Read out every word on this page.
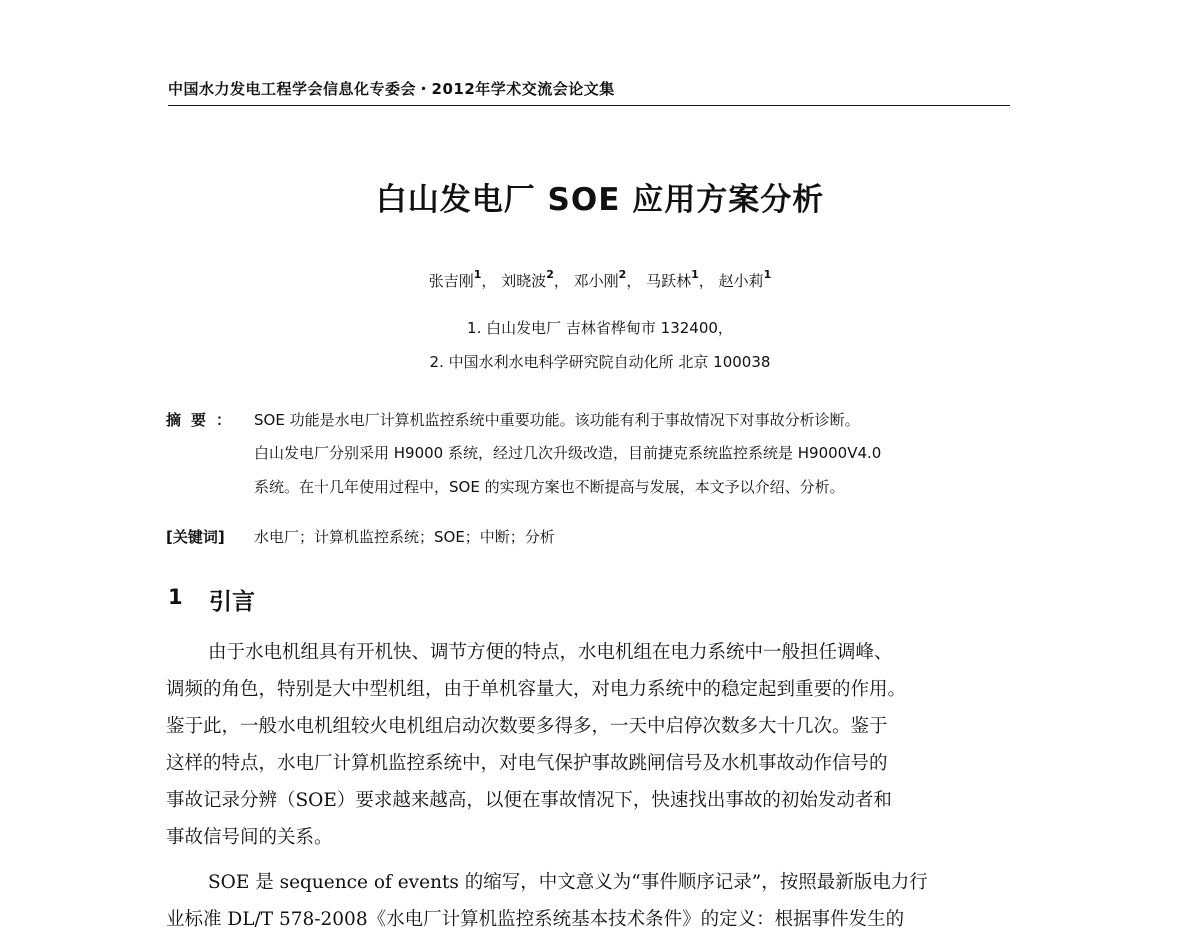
中国水力发电工程学会信息化专委会・2012年学术交流会论文集
白山发电厂 SOE 应用方案分析
张吉刚$^1$， 刘晓波$^2$， 邓小刚$^2$， 马跃林$^1$， 赵小莉$^1$
1. 白山发电厂 吉林省桦甸市 132400，
2. 中国水利水电科学研究院自动化所 北京 100038
摘要： SOE 功能是水电厂计算机监控系统中重要功能。该功能有利于事故情况下对事故分析诊断。
白山发电厂分别采用 H9000 系统，经过几次升级改造，目前捷克系统监控系统是 H9000V4.0
系统。在十几年使用过程中，SOE 的实现方案也不断提高与发展，本文予以介绍、分析。
[关键词] 水电厂；计算机监控系统；SOE；中断；分析
1 引言
由于水电机组具有开机快、调节方便的特点，水电机组在电力系统中一般担任调峰、
调频的角色，特别是大中型机组，由于单机容量大，对电力系统中的稳定起到重要的作用。
鉴于此，一般水电机组较火电机组启动次数要多得多，一天中启停次数多大十几次。鉴于
这样的特点，水电厂计算机监控系统中，对电气保护事故跳闸信号及水机事故动作信号的
事故记录分辨（SOE）要求越来越高，以便在事故情况下，快速找出事故的初始发动者和
事故信号间的关系。
SOE 是 sequence of events 的缩写，中文意义为“事件顺序记录”，按照最新版电力行
业标准 DL/T 578-2008《水电厂计算机监控系统基本技术条件》的定义：根据事件发生的
